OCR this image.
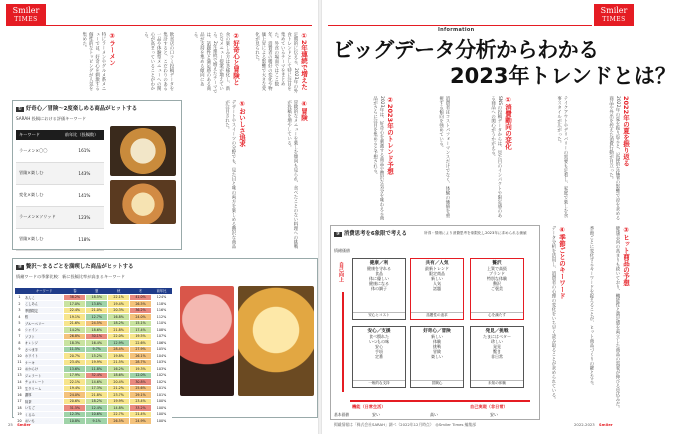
Smiler
TIMES
①2年連続で増えた
定期的に伝える、2023年の外食トレンドとして特に注目を集めているテーマをまとめた。外食の場面ではここ数年、消費者の嗜好の変化や物価上昇による影響で大きな変化が見られた。
②好奇心と冒険と
食の楽しみ方は多様化し、新たなメニュー提案が増えている。2年連続で増えたテーマでは、話題性と満足感のある商品が支持を集める傾向にある。
飲食店の口コミ投稿データを集計すると、こだわりのある一品や体験型メニューへの関心が高まっていることがわかる。
③ラーメン
特にラーメンやグルメ系メニューでは、好奇心を刺激する個性的なトッピングが人気を集めた。
④冒険
冒険的なメニューを楽しむ傾向も見られ、食べたことのない料理への挑戦が投稿を増やしている。
⑤おいしさ追求
デザートやスイーツの分野でも、見た目と味の両方を楽しめる贅沢な商品が注目された。
① 好奇心／冒険〜2度楽しめる商品がヒットする
SARAH 投稿における評価キーワード
キーワード	前年比（投稿数）
ラーメン×〇〇	161%
冒険×楽しむ	143%
変化×楽しむ	141%
ラーメン×ソリッド	123%
冒険×楽しむ	118%
② 贅沢〜まるごとを満喫した商品がヒットする
情緒ワードの季節比較：新に投稿比率が高まるキーワード
	キーワード	春	夏	秋	冬	前年比
1	あんこ	38.2%	18.5%	22.1%	41.0%	124%
2	こしあん	17.0%	13.8%	19.4%	26.5%	118%
3	季節限定	22.4%	21.0%	20.3%	36.2%	116%
4	桜	19.1%	12.7%	16.8%	24.0%	112%
5	ブルーベリー	21.6%	24.5%	18.2%	15.1%	110%
6	シャイン	14.2%	18.6%	21.8%	17.4%	108%
7	ソフト	26.8%	30.1%	22.0%	19.5%	107%
8	オレンジ	18.3%	16.4%	12.9%	22.6%	106%
9	さつま芋	11.5%	9.7%	28.4%	27.9%	105%
10	ホワイト	20.7%	15.2%	19.8%	26.1%	104%
11	ケーキ	23.4%	19.9%	21.5%	28.7%	103%
12	おからけ	13.6%	11.8%	16.2%	19.3%	103%
13	ジェラート	17.9%	32.4%	18.6%	12.0%	102%
14	チョコレート	22.1%	14.6%	20.4%	30.8%	102%
15	生クリーム	19.4%	17.3%	21.2%	25.6%	101%
16	濃厚	24.0%	21.8%	23.7%	29.1%	101%
17	抹茶	20.6%	18.2%	19.9%	23.4%	100%
18	いちご	31.5%	12.4%	14.8%	33.2%	100%
19	くるみ	12.3%	10.6%	22.7%	21.4%	100%
20	おいも	10.8%	9.1%	26.5%	24.9%	100%
25 Smiler
Smiler
TIMES
Information
ビッグデータ分析からわかる
2023年トレンドとは？
2022年の夏を振り返る
2022年の夏を振り返ると、記録的な猛暑の影響で涼を求める商品や外出を控えた消費行動が目立った。
テイクアウトやデリバリーの需要も定着し、家庭で楽しむ食事スタイルが広がった。
①消費動向の変化
SNSの投稿データからは、見た目のインパクトや限定感のある商品への関心がうかがえる。
消費者はコストパフォーマンスだけでなく、体験の価値を重視する傾向を強めている。
②2023年のトレンド予想
2023年は、好奇心を刺激する商品や贅沢な気分を味わえる商品がさらに注目を集めると予想される。
③ヒット商品の予想
健康志向の高まりも続いており、機能性と満足感を両立した商品の需要が伸びる見込みだ。
季節ごとに変化するキーワードを捉えることが、ヒット商品づくりの鍵となる。
④季節ごとのキーワード
データ分析を活用し、消費者の心理の変化をいち早く読み取ることが求められている。
③ 消費思考を6象限で考える	所得・情緒により消費思考を象限化し2023年に求められる価値
情緒価値
自己向上
機能（日常生活）	自己実現（非日常）
基本価値
健康／利
健康を守れる
食品
体に優しい
健康になる
体の調子
安心とコスト
共有／人気
最新トレンド
限定商品
新しい
人気
話題
話題性の追求
贅沢
上質で高級
ブランド
特別な体験
贅沢
ご褒美
心を満たす
安心／支援
食べ慣れた
いつもの味
安心
手頃
定番
一般的な支持
好奇心／冒険
新しい
体験
挑戦
冒険
楽しい
冒険心
発見／挑戦
たまにはベター
珍しい
発見
驚き
非日常
未知の体験
安い	高い	安い
掲載情報は「株式会社SARAH」調べ（2022年12月時点）　◎Smiler Times 編集部	2022-2023 Smiler
